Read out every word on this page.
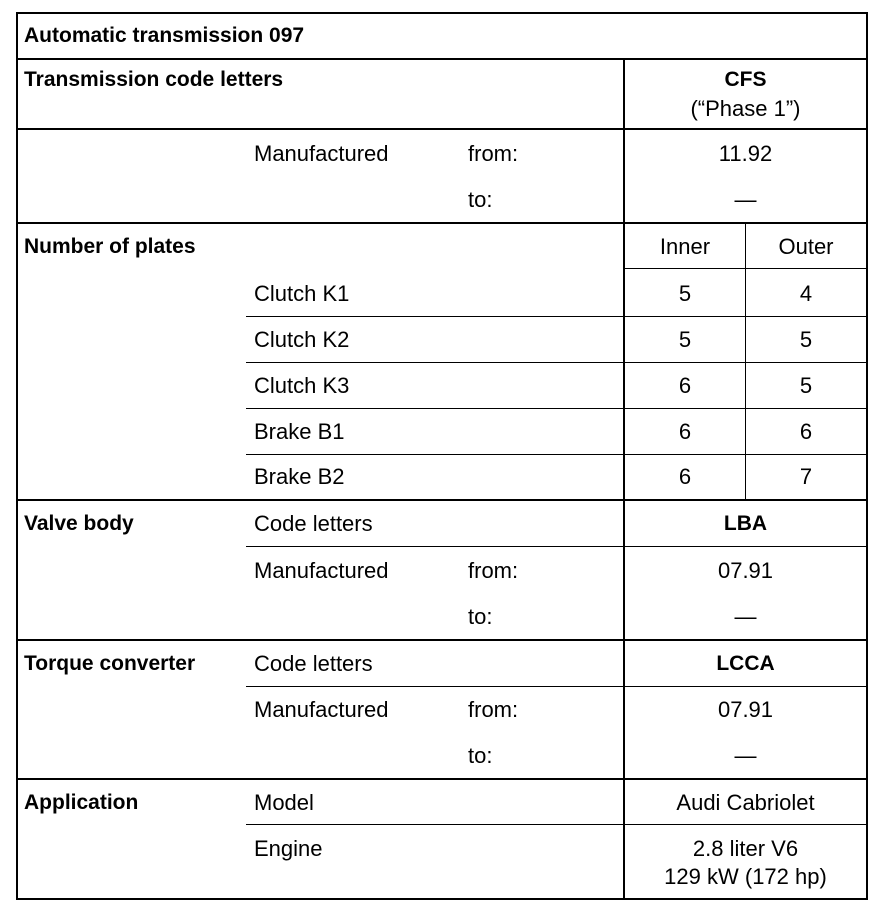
Automatic transmission 097
Transmission code letters	CFS
(“Phase 1”)
Manufactured	from:	11.92
to:	—
Number of plates	Inner	Outer
Clutch K1	5	4
Clutch K2	5	5
Clutch K3	6	5
Brake B1	6	6
Brake B2	6	7
Valve body	Code letters	LBA
Manufactured	from:	07.91
to:	—
Torque converter	Code letters	LCCA
Manufactured	from:	07.91
to:	—
Application	Model	Audi Cabriolet
Engine	2.8 liter V6
129 kW (172 hp)
